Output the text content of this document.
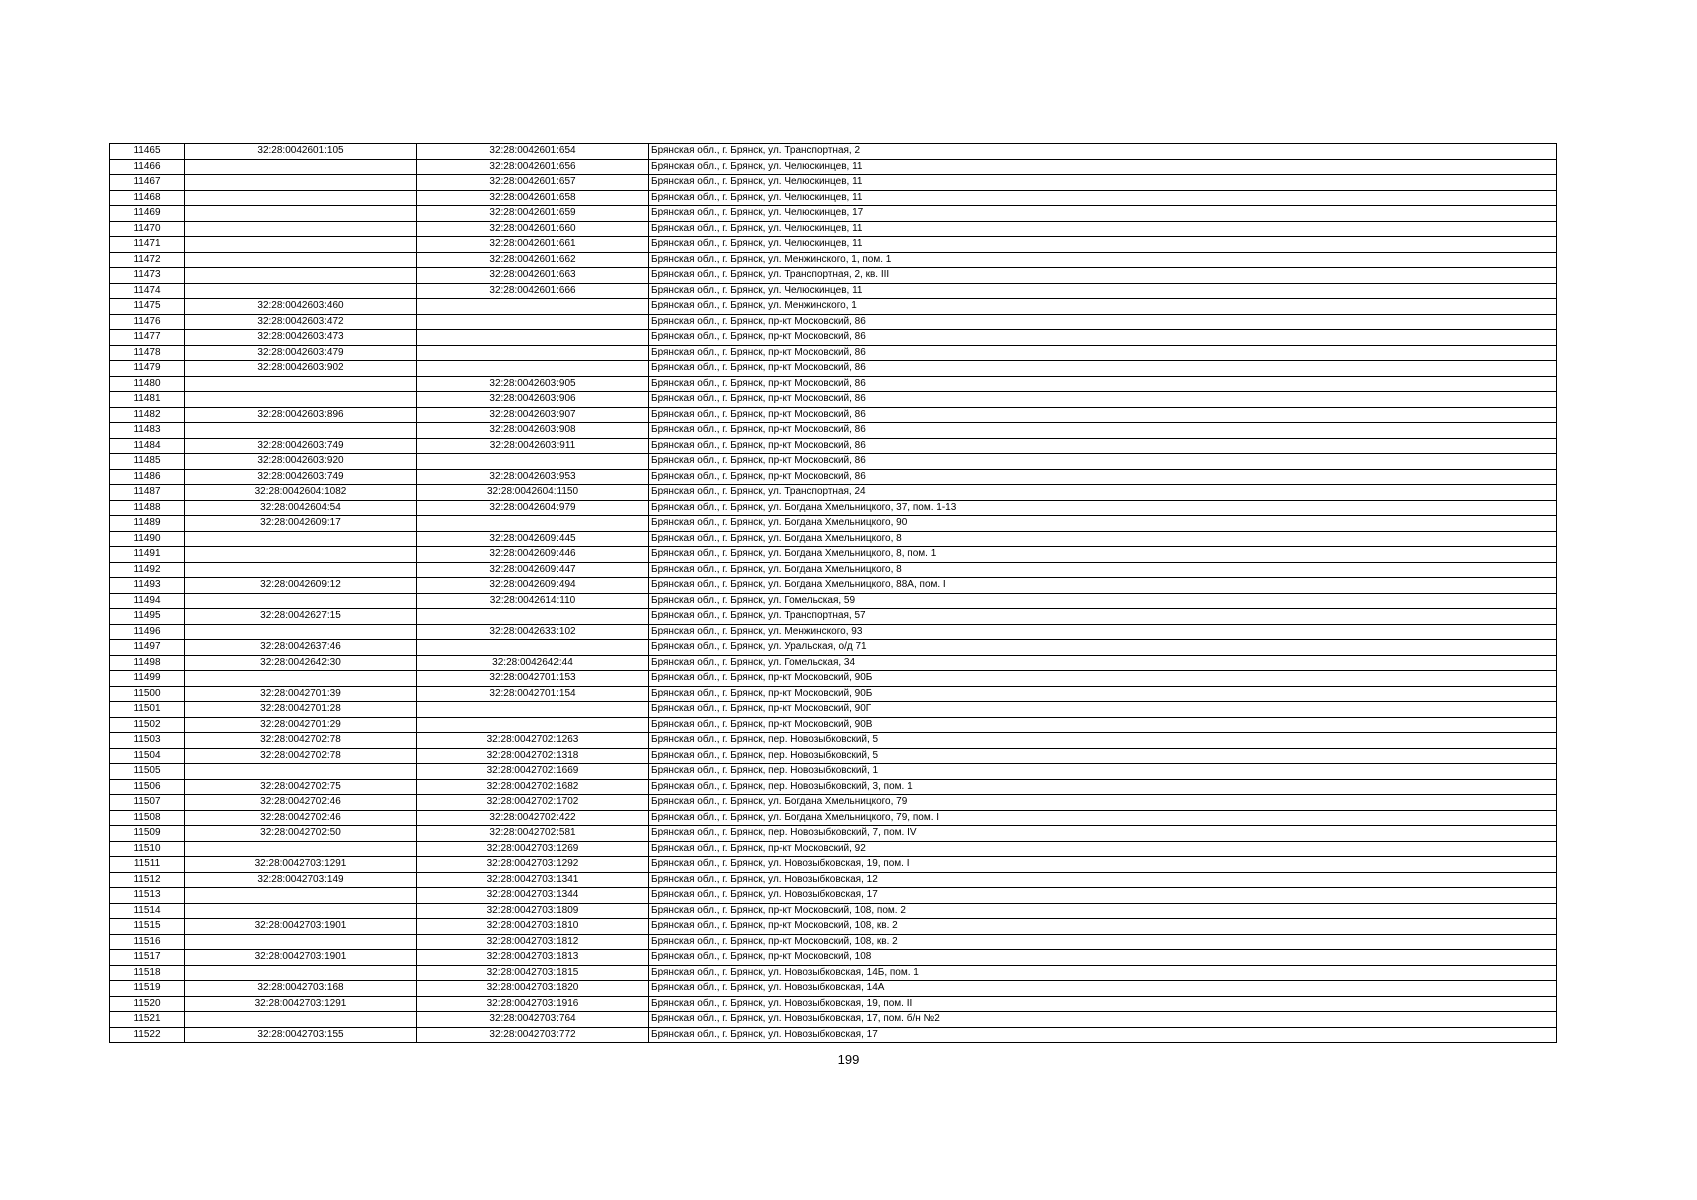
11465	32:28:0042601:105	32:28:0042601:654	Брянская обл., г. Брянск, ул. Транспортная, 2
11466		32:28:0042601:656	Брянская обл., г. Брянск, ул. Челюскинцев, 11
11467		32:28:0042601:657	Брянская обл., г. Брянск, ул. Челюскинцев, 11
11468		32:28:0042601:658	Брянская обл., г. Брянск, ул. Челюскинцев, 11
11469		32:28:0042601:659	Брянская обл., г. Брянск, ул. Челюскинцев, 17
11470		32:28:0042601:660	Брянская обл., г. Брянск, ул. Челюскинцев, 11
11471		32:28:0042601:661	Брянская обл., г. Брянск, ул. Челюскинцев, 11
11472		32:28:0042601:662	Брянская обл., г. Брянск, ул. Менжинского, 1, пом. 1
11473		32:28:0042601:663	Брянская обл., г. Брянск, ул. Транспортная, 2, кв. III
11474		32:28:0042601:666	Брянская обл., г. Брянск, ул. Челюскинцев, 11
11475	32:28:0042603:460		Брянская обл., г. Брянск, ул. Менжинского, 1
11476	32:28:0042603:472		Брянская обл., г. Брянск, пр-кт Московский, 86
11477	32:28:0042603:473		Брянская обл., г. Брянск, пр-кт Московский, 86
11478	32:28:0042603:479		Брянская обл., г. Брянск, пр-кт Московский, 86
11479	32:28:0042603:902		Брянская обл., г. Брянск, пр-кт Московский, 86
11480		32:28:0042603:905	Брянская обл., г. Брянск, пр-кт Московский, 86
11481		32:28:0042603:906	Брянская обл., г. Брянск, пр-кт Московский, 86
11482	32:28:0042603:896	32:28:0042603:907	Брянская обл., г. Брянск, пр-кт Московский, 86
11483		32:28:0042603:908	Брянская обл., г. Брянск, пр-кт Московский, 86
11484	32:28:0042603:749	32:28:0042603:911	Брянская обл., г. Брянск, пр-кт Московский, 86
11485	32:28:0042603:920		Брянская обл., г. Брянск, пр-кт Московский, 86
11486	32:28:0042603:749	32:28:0042603:953	Брянская обл., г. Брянск, пр-кт Московский, 86
11487	32:28:0042604:1082	32:28:0042604:1150	Брянская обл., г. Брянск, ул. Транспортная, 24
11488	32:28:0042604:54	32:28:0042604:979	Брянская обл., г. Брянск, ул. Богдана Хмельницкого, 37, пом. 1-13
11489	32:28:0042609:17		Брянская обл., г. Брянск, ул. Богдана Хмельницкого, 90
11490		32:28:0042609:445	Брянская обл., г. Брянск, ул. Богдана Хмельницкого, 8
11491		32:28:0042609:446	Брянская обл., г. Брянск, ул. Богдана Хмельницкого, 8, пом. 1
11492		32:28:0042609:447	Брянская обл., г. Брянск, ул. Богдана Хмельницкого, 8
11493	32:28:0042609:12	32:28:0042609:494	Брянская обл., г. Брянск, ул. Богдана Хмельницкого, 88А, пом. I
11494		32:28:0042614:110	Брянская обл., г. Брянск, ул. Гомельская, 59
11495	32:28:0042627:15		Брянская обл., г. Брянск, ул. Транспортная, 57
11496		32:28:0042633:102	Брянская обл., г. Брянск, ул. Менжинского, 93
11497	32:28:0042637:46		Брянская обл., г. Брянск, ул. Уральская, о/д 71
11498	32:28:0042642:30	32:28:0042642:44	Брянская обл., г. Брянск, ул. Гомельская, 34
11499		32:28:0042701:153	Брянская обл., г. Брянск, пр-кт Московский, 90Б
11500	32:28:0042701:39	32:28:0042701:154	Брянская обл., г. Брянск, пр-кт Московский, 90Б
11501	32:28:0042701:28		Брянская обл., г. Брянск, пр-кт Московский, 90Г
11502	32:28:0042701:29		Брянская обл., г. Брянск, пр-кт Московский, 90В
11503	32:28:0042702:78	32:28:0042702:1263	Брянская обл., г. Брянск, пер. Новозыбковский, 5
11504	32:28:0042702:78	32:28:0042702:1318	Брянская обл., г. Брянск, пер. Новозыбковский, 5
11505		32:28:0042702:1669	Брянская обл., г. Брянск, пер. Новозыбковский, 1
11506	32:28:0042702:75	32:28:0042702:1682	Брянская обл., г. Брянск, пер. Новозыбковский, 3, пом. 1
11507	32:28:0042702:46	32:28:0042702:1702	Брянская обл., г. Брянск, ул. Богдана Хмельницкого, 79
11508	32:28:0042702:46	32:28:0042702:422	Брянская обл., г. Брянск, ул. Богдана Хмельницкого, 79, пом. I
11509	32:28:0042702:50	32:28:0042702:581	Брянская обл., г. Брянск, пер. Новозыбковский, 7, пом. IV
11510		32:28:0042703:1269	Брянская обл., г. Брянск, пр-кт Московский, 92
11511	32:28:0042703:1291	32:28:0042703:1292	Брянская обл., г. Брянск, ул. Новозыбковская, 19, пом. I
11512	32:28:0042703:149	32:28:0042703:1341	Брянская обл., г. Брянск, ул. Новозыбковская, 12
11513		32:28:0042703:1344	Брянская обл., г. Брянск, ул. Новозыбковская, 17
11514		32:28:0042703:1809	Брянская обл., г. Брянск, пр-кт Московский, 108, пом. 2
11515	32:28:0042703:1901	32:28:0042703:1810	Брянская обл., г. Брянск, пр-кт Московский, 108, кв. 2
11516		32:28:0042703:1812	Брянская обл., г. Брянск, пр-кт Московский, 108, кв. 2
11517	32:28:0042703:1901	32:28:0042703:1813	Брянская обл., г. Брянск, пр-кт Московский, 108
11518		32:28:0042703:1815	Брянская обл., г. Брянск, ул. Новозыбковская, 14Б, пом. 1
11519	32:28:0042703:168	32:28:0042703:1820	Брянская обл., г. Брянск, ул. Новозыбковская, 14А
11520	32:28:0042703:1291	32:28:0042703:1916	Брянская обл., г. Брянск, ул. Новозыбковская, 19, пом. II
11521		32:28:0042703:764	Брянская обл., г. Брянск, ул. Новозыбковская, 17, пом. б/н №2
11522	32:28:0042703:155	32:28:0042703:772	Брянская обл., г. Брянск, ул. Новозыбковская, 17
199
